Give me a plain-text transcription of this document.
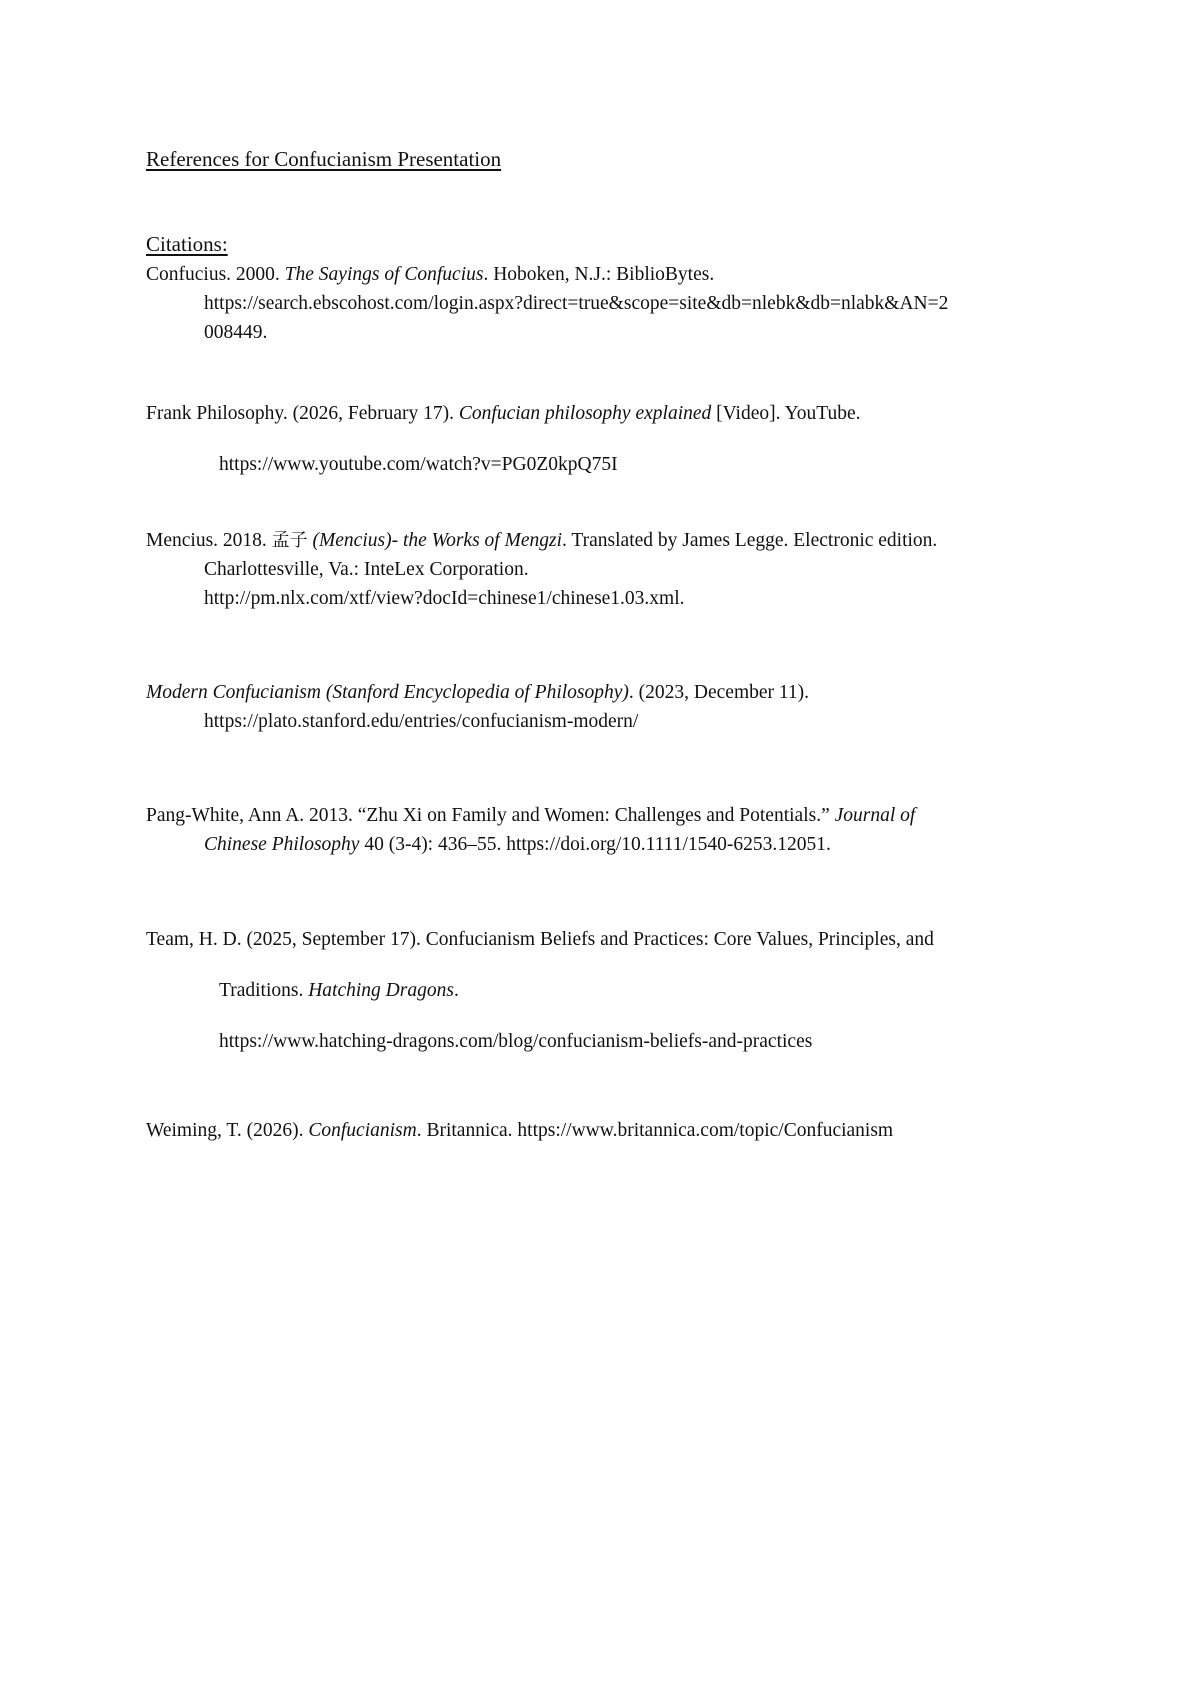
References for Confucianism Presentation
Citations:
Confucius. 2000. The Sayings of Confucius. Hoboken, N.J.: BiblioBytes.
https://search.ebscohost.com/login.aspx?direct=true&scope=site&db=nlebk&db=nlabk&AN=2
008449.
Frank Philosophy. (2026, February 17). Confucian philosophy explained [Video]. YouTube.
https://www.youtube.com/watch?v=PG0Z0kpQ75I
Mencius. 2018. 孟子 (Mencius)- the Works of Mengzi. Translated by James Legge. Electronic edition.
Charlottesville, Va.: InteLex Corporation.
http://pm.nlx.com/xtf/view?docId=chinese1/chinese1.03.xml.
Modern Confucianism (Stanford Encyclopedia of Philosophy). (2023, December 11).
https://plato.stanford.edu/entries/confucianism-modern/
Pang-White, Ann A. 2013. “Zhu Xi on Family and Women: Challenges and Potentials.” Journal of
Chinese Philosophy 40 (3-4): 436–55. https://doi.org/10.1111/1540-6253.12051.
Team, H. D. (2025, September 17). Confucianism Beliefs and Practices: Core Values, Principles, and
Traditions. Hatching Dragons.
https://www.hatching-dragons.com/blog/confucianism-beliefs-and-practices
Weiming, T. (2026). Confucianism. Britannica. https://www.britannica.com/topic/Confucianism
